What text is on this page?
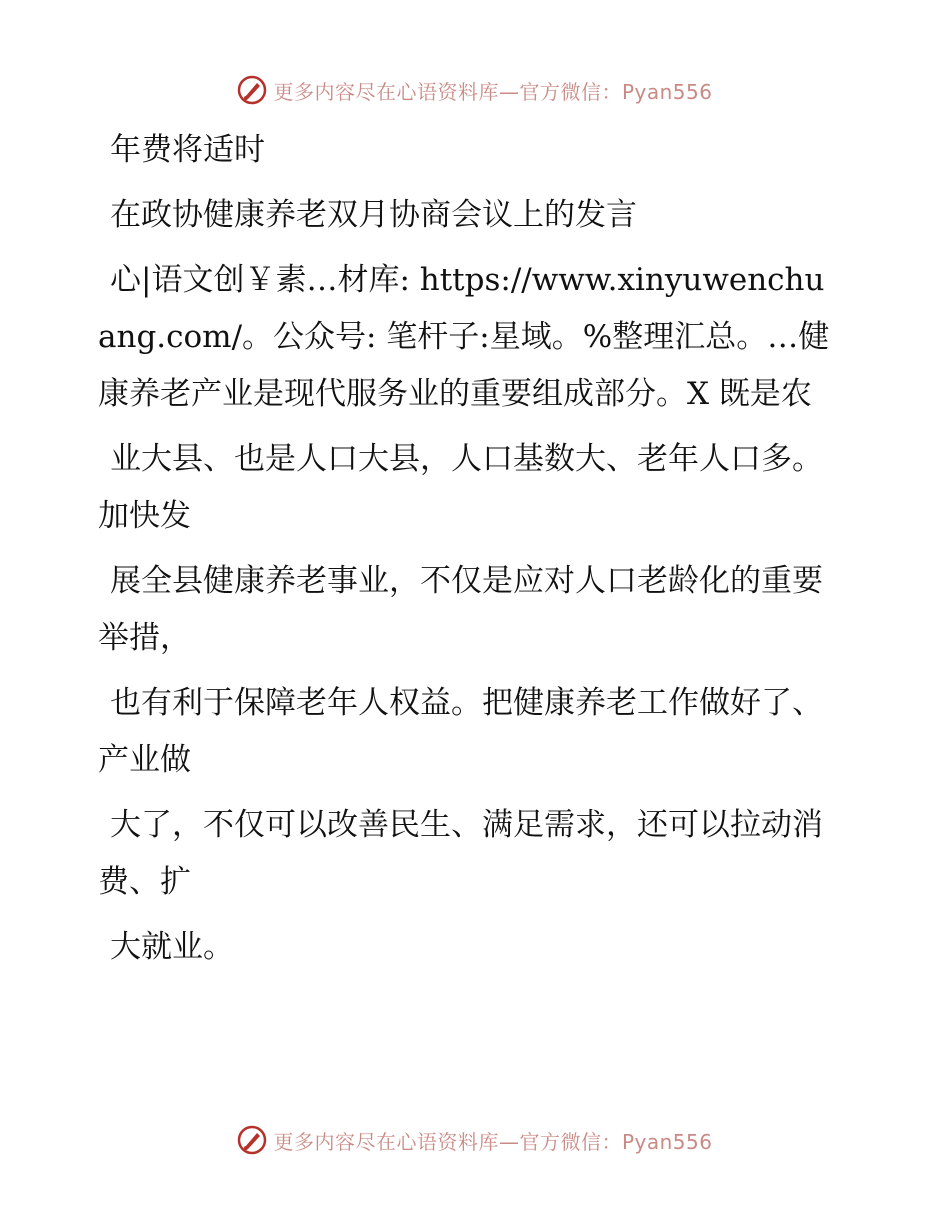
更多内容尽在心语资料库—官方微信：Pyan556

年费将适时

在政协健康养老双月协商会议上的发言

心|语文创￥素…材库: https://www.xinyuwenchuang.com/。公众号: 笔杆子:星域。%整理汇总。…健康养老产业是现代服务业的重要组成部分。X 既是农

业大县、也是人口大县，人口基数大、老年人口多。加快发

展全县健康养老事业，不仅是应对人口老龄化的重要举措，

也有利于保障老年人权益。把健康养老工作做好了、产业做

大了，不仅可以改善民生、满足需求，还可以拉动消费、扩

大就业。

更多内容尽在心语资料库—官方微信：Pyan556
